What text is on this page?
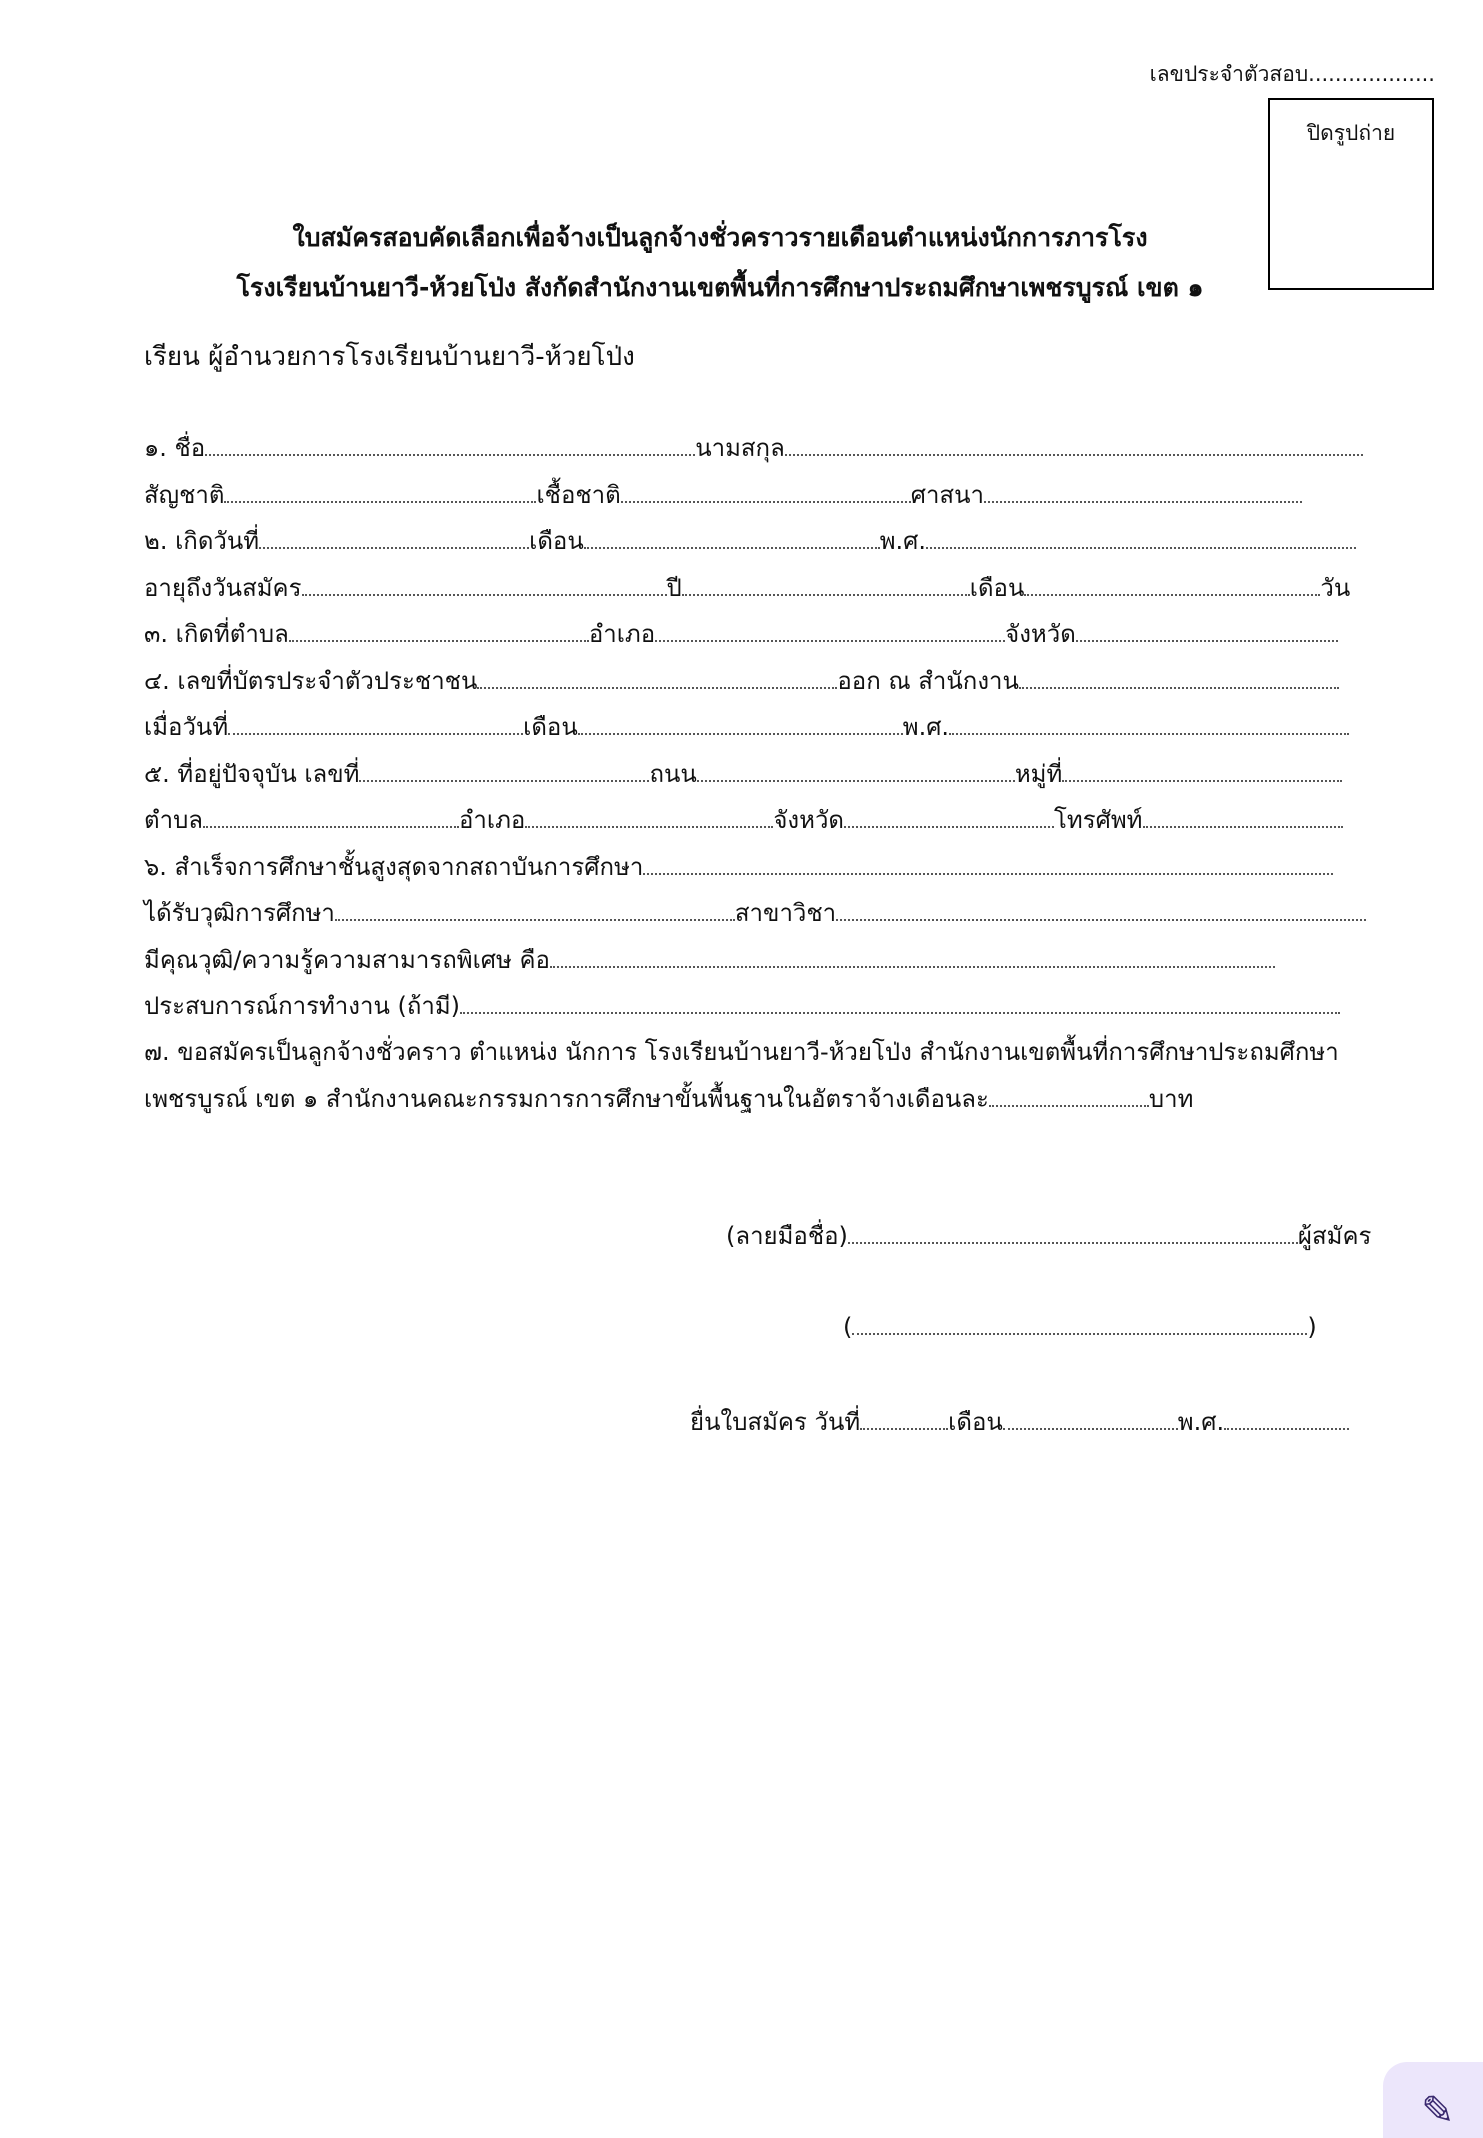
เลขประจำตัวสอบ...................
ปิดรูปถ่าย
ใบสมัครสอบคัดเลือกเพื่อจ้างเป็นลูกจ้างชั่วคราวรายเดือนตำแหน่งนักการภารโรง
โรงเรียนบ้านยาวี-ห้วยโป่ง สังกัดสำนักงานเขตพื้นที่การศึกษาประถมศึกษาเพชรบูรณ์ เขต ๑
เรียน ผู้อำนวยการโรงเรียนบ้านยาวี-ห้วยโป่ง
๑. ชื่อ	นามสกุล
สัญชาติ	เชื้อชาติ	ศาสนา
๒. เกิดวันที่	เดือน	พ.ศ.
อายุถึงวันสมัคร	ปี	เดือน	วัน
๓. เกิดที่ตำบล	อำเภอ	จังหวัด
๔. เลขที่บัตรประจำตัวประชาชน	ออก ณ สำนักงาน
เมื่อวันที่	เดือน	พ.ศ.
๕. ที่อยู่ปัจจุบัน เลขที่	ถนน	หมู่ที่
ตำบล	อำเภอ	จังหวัด	โทรศัพท์
๖. สำเร็จการศึกษาชั้นสูงสุดจากสถาบันการศึกษา
ได้รับวุฒิการศึกษา	สาขาวิชา
มีคุณวุฒิ/ความรู้ความสามารถพิเศษ คือ
ประสบการณ์การทำงาน (ถ้ามี)
๗. ขอสมัครเป็นลูกจ้างชั่วคราว ตำแหน่ง นักการ โรงเรียนบ้านยาวี-ห้วยโป่ง สำนักงานเขตพื้นที่การศึกษาประถมศึกษา
เพชรบูรณ์ เขต ๑ สำนักงานคณะกรรมการการศึกษาขั้นพื้นฐานในอัตราจ้างเดือนละ	บาท
(ลายมือชื่อ)	ผู้สมัคร
(	)
ยื่นใบสมัคร วันที่	เดือน	พ.ศ.
✎
